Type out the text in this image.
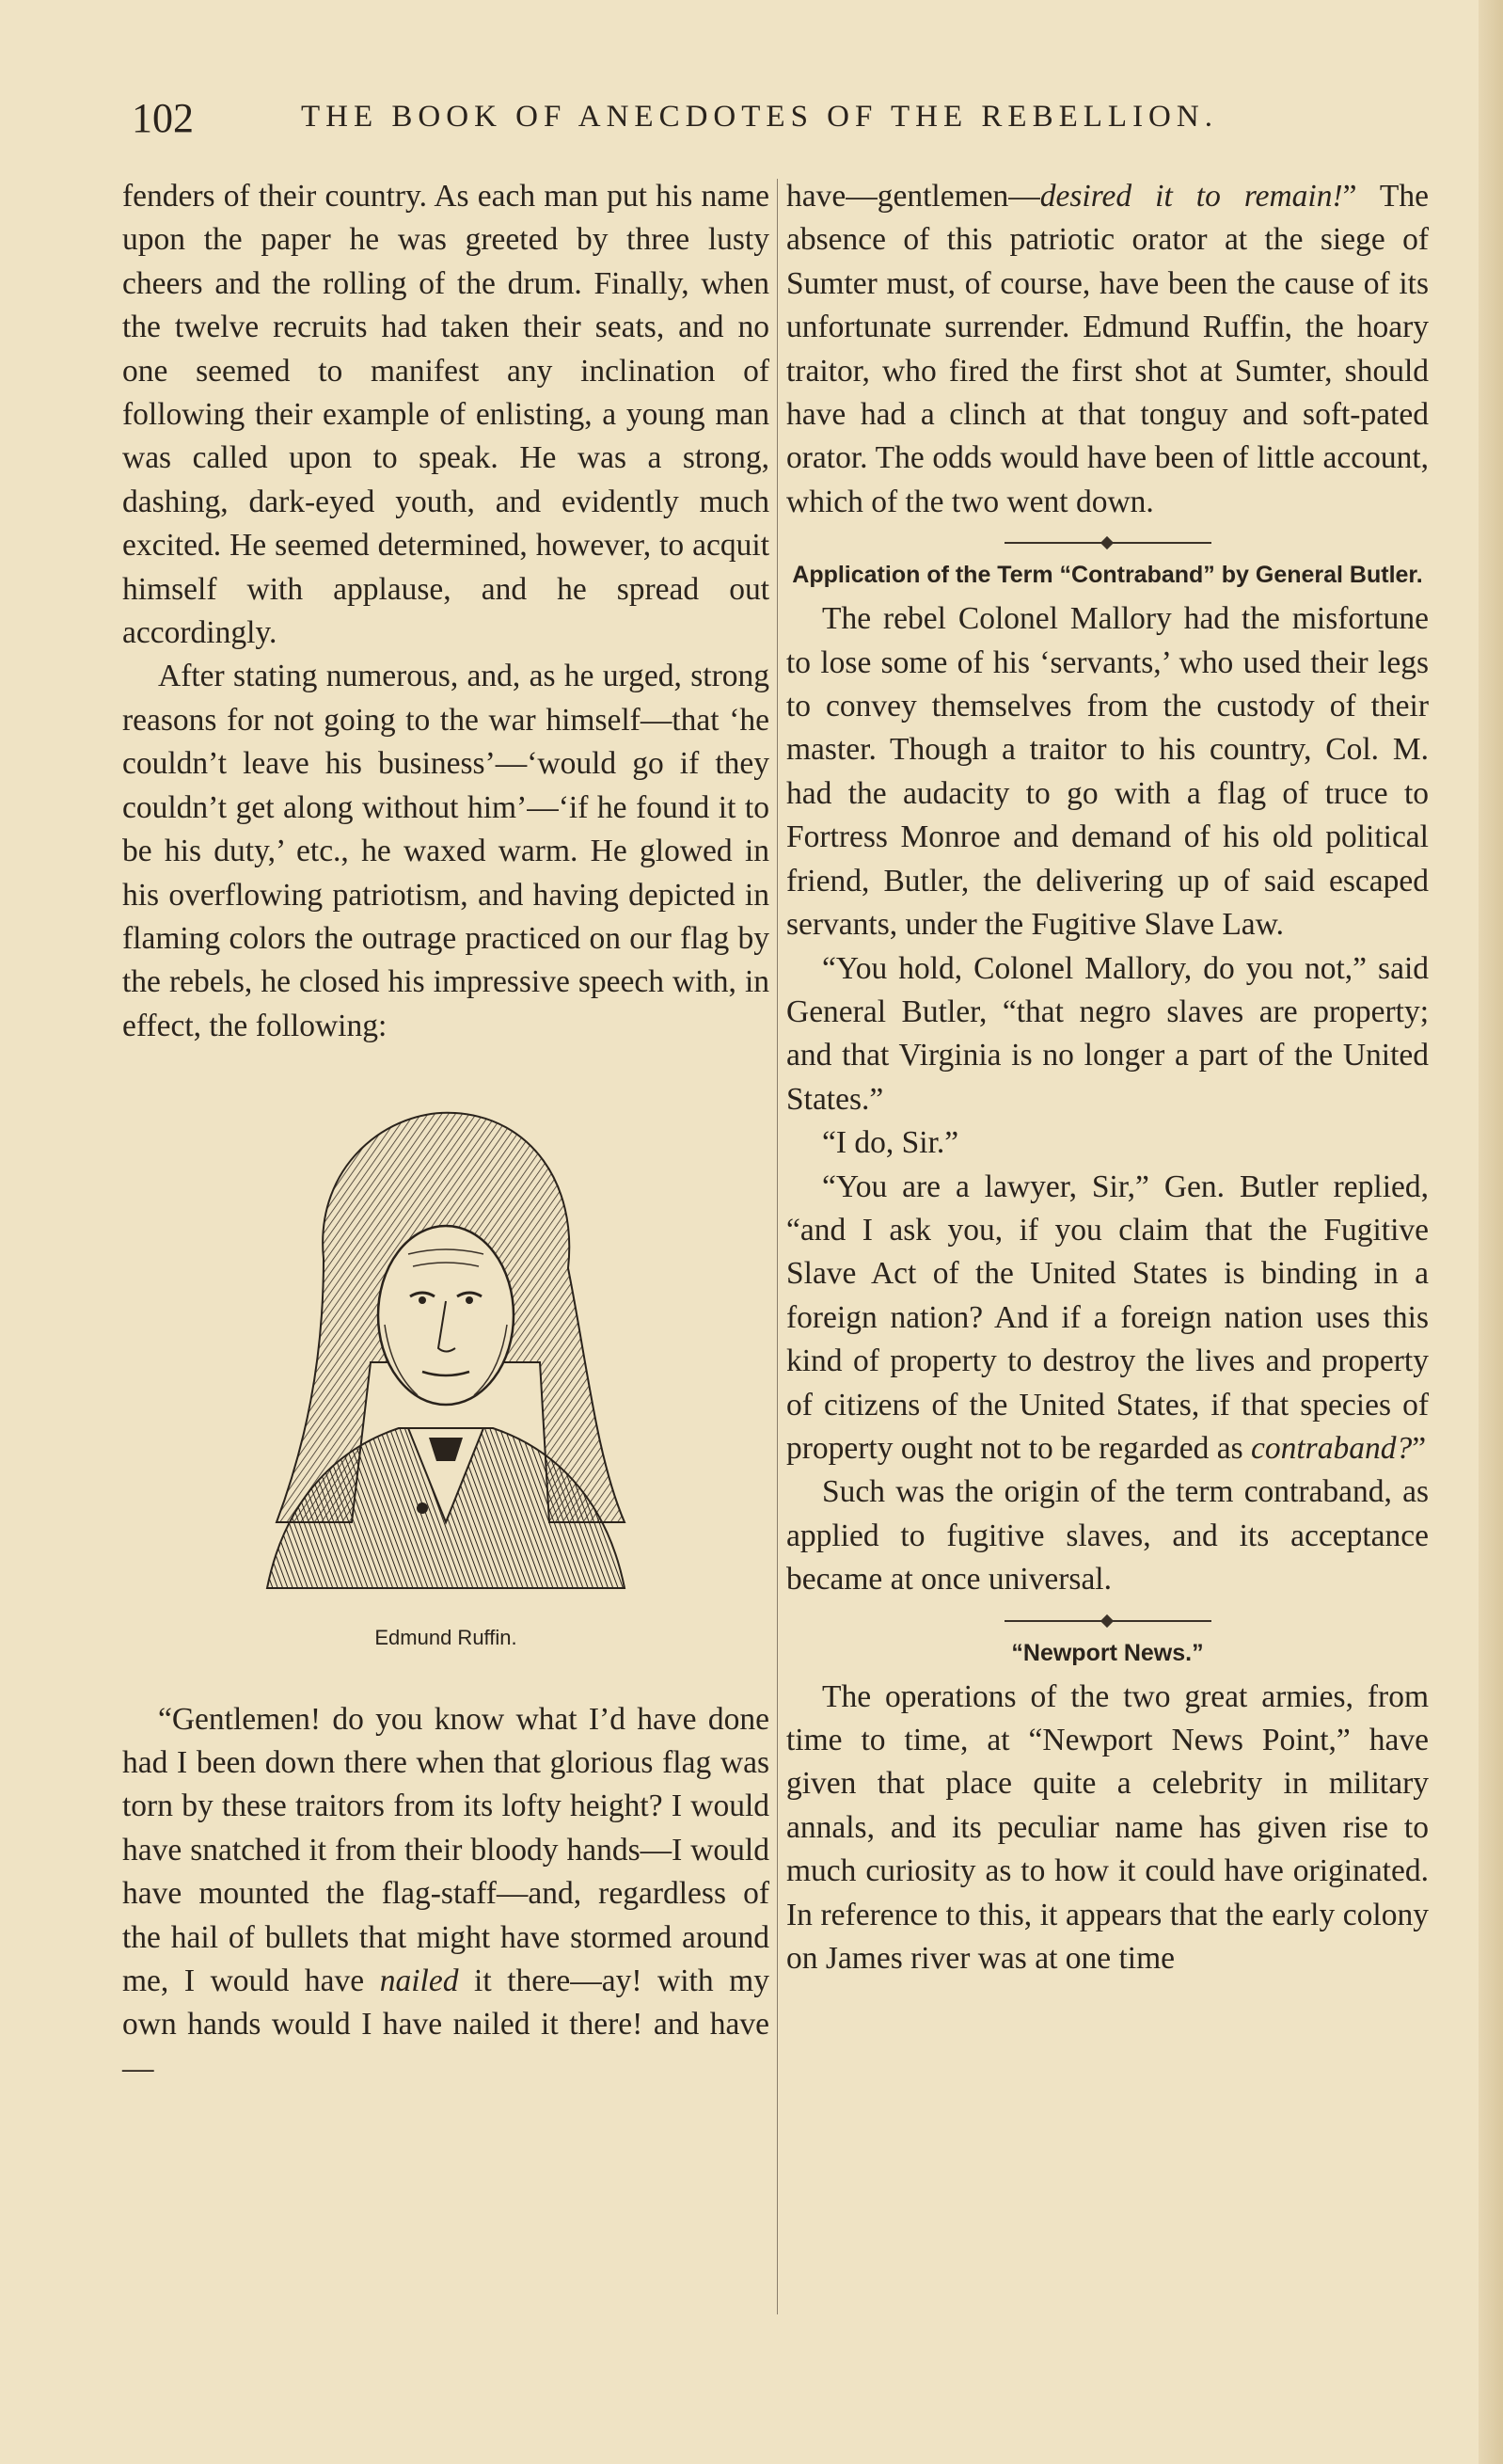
102	THE BOOK OF ANECDOTES OF THE REBELLION.

fenders of their country. As each man put his name upon the paper he was greeted by three lusty cheers and the rolling of the drum. Finally, when the twelve recruits had taken their seats, and no one seemed to manifest any inclination of following their example of enlisting, a young man was called upon to speak. He was a strong, dashing, dark-eyed youth, and evidently much excited. He seemed determined, however, to acquit himself with applause, and he spread out accordingly.

After stating numerous, and, as he urged, strong reasons for not going to the war himself—that ‘he couldn’t leave his business’—‘would go if they couldn’t get along without him’—‘if he found it to be his duty,’ etc., he waxed warm. He glowed in his overflowing patriotism, and having depicted in flaming colors the outrage practiced on our flag by the rebels, he closed his impressive speech with, in effect, the following:

Edmund Ruffin.

“Gentlemen! do you know what I’d have done had I been down there when that glorious flag was torn by these traitors from its lofty height? I would have snatched it from their bloody hands—I would have mounted the flag-staff—and, regardless of the hail of bullets that might have stormed around me, I would have nailed it there—ay! with my own hands would I have nailed it there! and have—

have—gentlemen—desired it to remain!” The absence of this patriotic orator at the siege of Sumter must, of course, have been the cause of its unfortunate surrender. Edmund Ruffin, the hoary traitor, who fired the first shot at Sumter, should have had a clinch at that tonguy and soft-pated orator. The odds would have been of little account, which of the two went down.

Application of the Term “Contraband” by General Butler.

The rebel Colonel Mallory had the misfortune to lose some of his ‘servants,’ who used their legs to convey themselves from the custody of their master. Though a traitor to his country, Col. M. had the audacity to go with a flag of truce to Fortress Monroe and demand of his old political friend, Butler, the delivering up of said escaped servants, under the Fugitive Slave Law.

“You hold, Colonel Mallory, do you not,” said General Butler, “that negro slaves are property; and that Virginia is no longer a part of the United States.”

“I do, Sir.”

“You are a lawyer, Sir,” Gen. Butler replied, “and I ask you, if you claim that the Fugitive Slave Act of the United States is binding in a foreign nation? And if a foreign nation uses this kind of property to destroy the lives and property of citizens of the United States, if that species of property ought not to be regarded as contraband?”

Such was the origin of the term contraband, as applied to fugitive slaves, and its acceptance became at once universal.

“Newport News.”

The operations of the two great armies, from time to time, at “Newport News Point,” have given that place quite a celebrity in military annals, and its peculiar name has given rise to much curiosity as to how it could have originated. In reference to this, it appears that the early colony on James river was at one time
